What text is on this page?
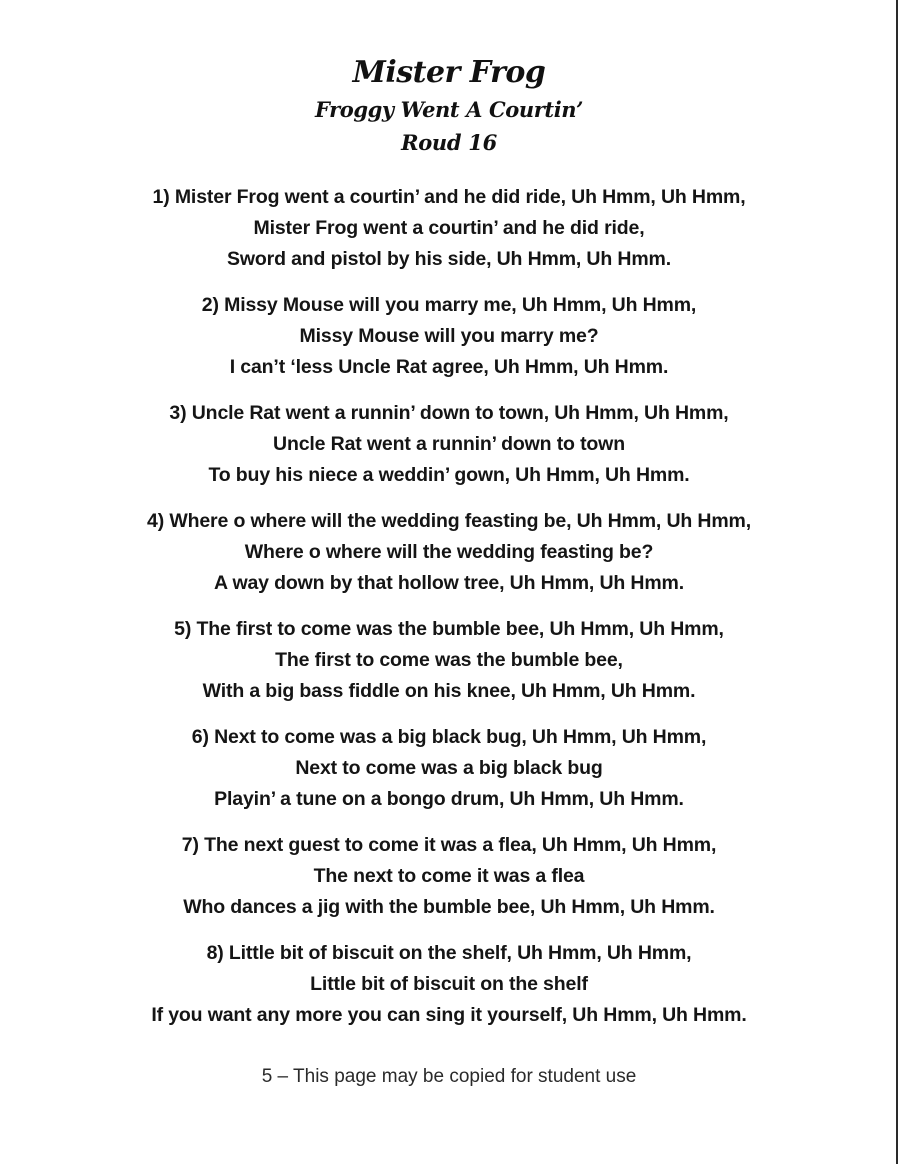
Mister Frog
Froggy Went A Courtin’
Roud 16
1) Mister Frog went a courtin’ and he did ride, Uh Hmm, Uh Hmm,
Mister Frog went a courtin’ and he did ride,
Sword and pistol by his side, Uh Hmm, Uh Hmm.
2) Missy Mouse will you marry me, Uh Hmm, Uh Hmm,
Missy Mouse will you marry me?
I can’t ‘less Uncle Rat agree, Uh Hmm, Uh Hmm.
3) Uncle Rat went a runnin’ down to town, Uh Hmm, Uh Hmm,
Uncle Rat went a runnin’ down to town
To buy his niece a weddin’ gown, Uh Hmm, Uh Hmm.
4) Where o where will the wedding feasting be, Uh Hmm, Uh Hmm,
Where o where will the wedding feasting be?
A way down by that hollow tree, Uh Hmm, Uh Hmm.
5) The first to come was the bumble bee, Uh Hmm, Uh Hmm,
The first to come was the bumble bee,
With a big bass fiddle on his knee, Uh Hmm, Uh Hmm.
6) Next to come was a big black bug, Uh Hmm, Uh Hmm,
Next to come was a big black bug
Playin’ a tune on a bongo drum, Uh Hmm, Uh Hmm.
7) The next guest to come it was a flea, Uh Hmm, Uh Hmm,
The next to come it was a flea
Who dances a jig with the bumble bee, Uh Hmm, Uh Hmm.
8) Little bit of biscuit on the shelf, Uh Hmm, Uh Hmm,
Little bit of biscuit on the shelf
If you want any more you can sing it yourself, Uh Hmm, Uh Hmm.
5 – This page may be copied for student use
